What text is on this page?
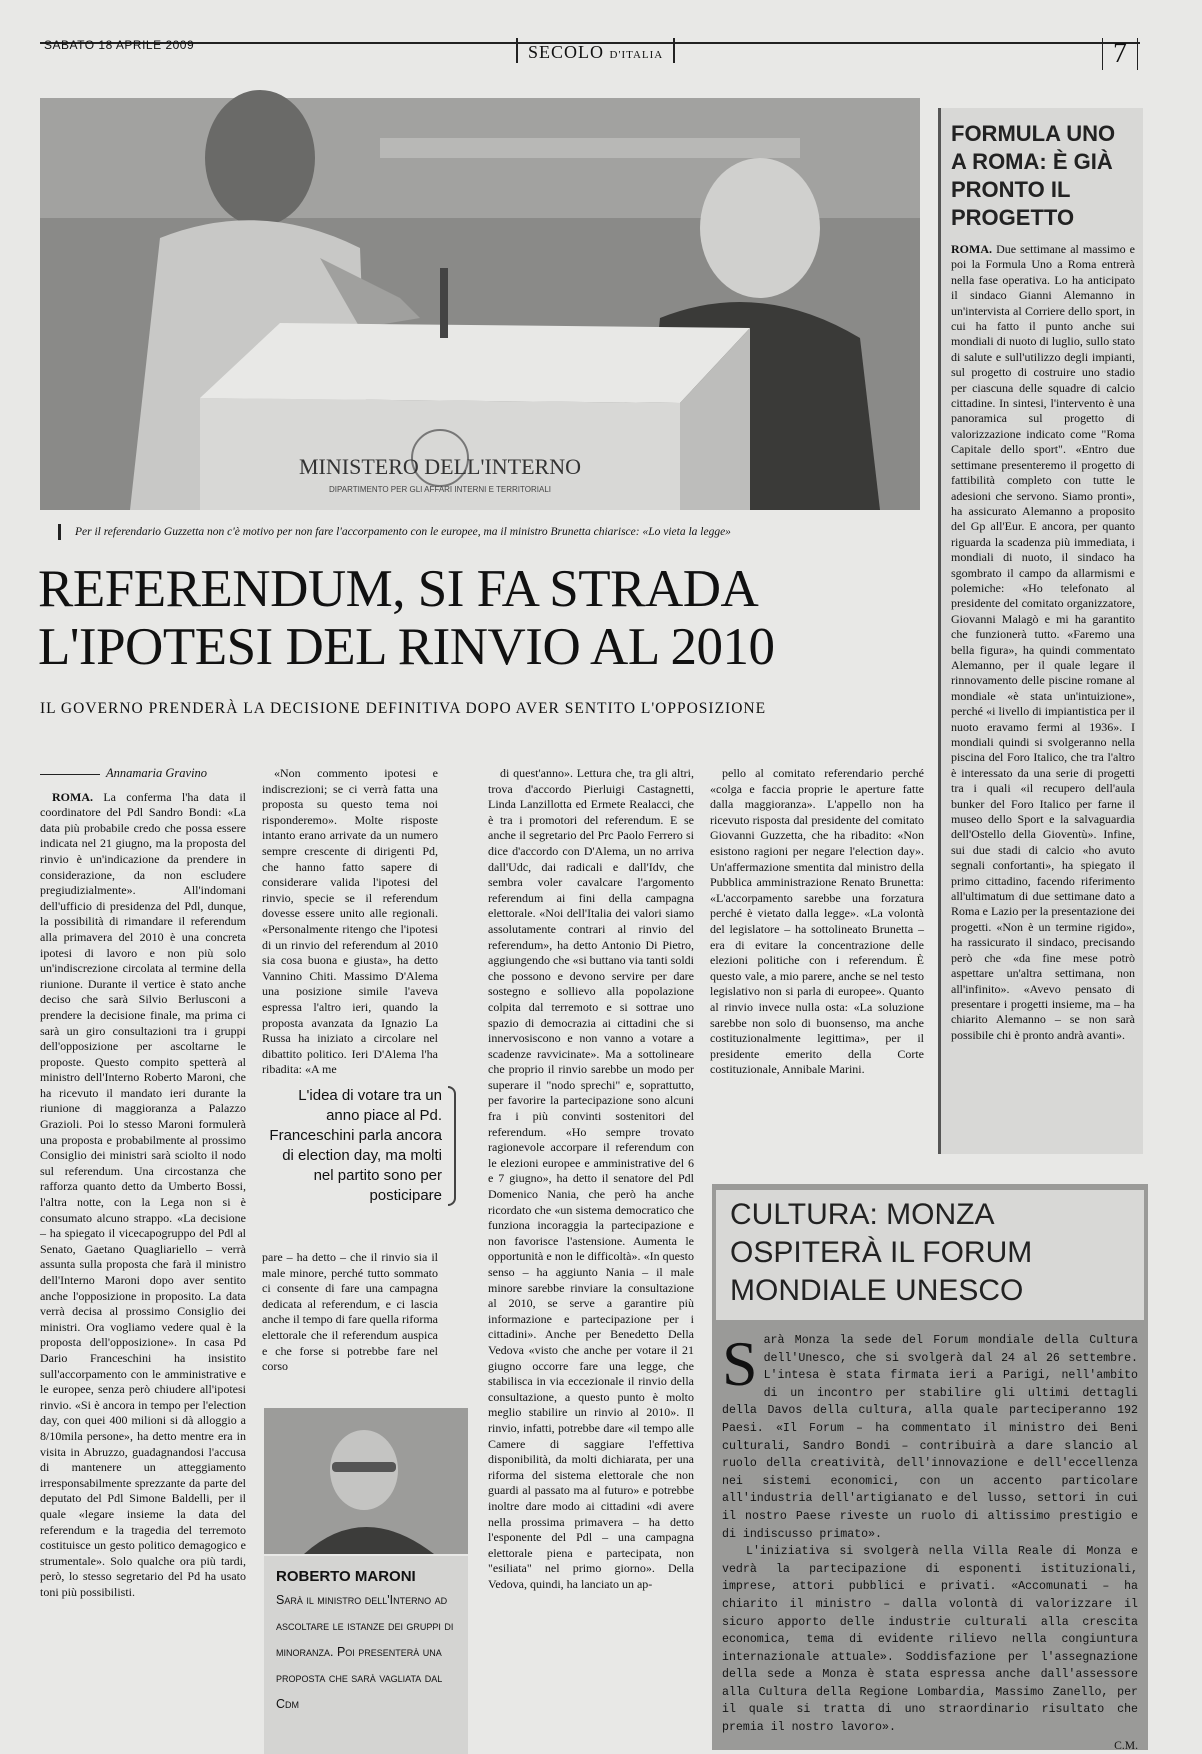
SABATO 18 APRILE 2009	SECOLO D'ITALIA	7
MINISTERO DELL'INTERNO
DIPARTIMENTO PER GLI AFFARI INTERNI E TERRITORIALI
Per il referendario Guzzetta non c'è motivo per non fare l'accorpamento con le europee, ma il ministro Brunetta chiarisce: «Lo vieta la legge»
REFERENDUM, SI FA STRADA
L'IPOTESI DEL RINVIO AL 2010
IL GOVERNO PRENDERÀ LA DECISIONE DEFINITIVA DOPO AVER SENTITO L'OPPOSIZIONE

Annamaria Gravino

ROMA. La conferma l'ha data il coordinatore del Pdl Sandro Bondi: «La data più probabile credo che possa essere indicata nel 21 giugno, ma la proposta del rinvio è un'indicazione da prendere in considerazione, da non escludere pregiudizialmente». All'indomani dell'ufficio di presidenza del Pdl, dunque, la possibilità di rimandare il referendum alla primavera del 2010 è una concreta ipotesi di lavoro e non più solo un'indiscrezione circolata al termine della riunione. Durante il vertice è stato anche deciso che sarà Silvio Berlusconi a prendere la decisione finale, ma prima ci sarà un giro consultazioni tra i gruppi dell'opposizione per ascoltarne le proposte. Questo compito spetterà al ministro dell'Interno Roberto Maroni, che ha ricevuto il mandato ieri durante la riunione di maggioranza a Palazzo Grazioli. Poi lo stesso Maroni formulerà una proposta e probabilmente al prossimo Consiglio dei ministri sarà sciolto il nodo sul referendum. Una circostanza che rafforza quanto detto da Umberto Bossi, l'altra notte, con la Lega non si è consumato alcuno strappo. «La decisione – ha spiegato il vicecapogruppo del Pdl al Senato, Gaetano Quagliariello – verrà assunta sulla proposta che farà il ministro dell'Interno Maroni dopo aver sentito anche l'opposizione in proposito. La data verrà decisa al prossimo Consiglio dei ministri. Ora vogliamo vedere qual è la proposta dell'opposizione». In casa Pd Dario Franceschini ha insistito sull'accorpamento con le amministrative e le europee, senza però chiudere all'ipotesi rinvio. «Si è ancora in tempo per l'election day, con quei 400 milioni si dà alloggio a 8/10mila persone», ha detto mentre era in visita in Abruzzo, guadagnandosi l'accusa di mantenere un atteggiamento irresponsabilmente sprezzante da parte del deputato del Pdl Simone Baldelli, per il quale «legare insieme la data del referendum e la tragedia del terremoto costituisce un gesto politico demagogico e strumentale». Solo qualche ora più tardi, però, lo stesso segretario del Pd ha usato toni più possibilisti.

«Non commento ipotesi e indiscrezioni; se ci verrà fatta una proposta su questo tema noi risponderemo». Molte risposte intanto erano arrivate da un numero sempre crescente di dirigenti Pd, che hanno fatto sapere di considerare valida l'ipotesi del rinvio, specie se il referendum dovesse essere unito alle regionali. «Personalmente ritengo che l'ipotesi di un rinvio del referendum al 2010 sia cosa buona e giusta», ha detto Vannino Chiti. Massimo D'Alema una posizione simile l'aveva espressa l'altro ieri, quando la proposta avanzata da Ignazio La Russa ha iniziato a circolare nel dibattito politico. Ieri D'Alema l'ha ribadita: «A me

L'idea di votare tra un anno piace al Pd. Franceschini parla ancora di election day, ma molti nel partito sono per posticipare
pare – ha detto – che il rinvio sia il male minore, perché tutto sommato ci consente di fare una campagna dedicata al referendum, e ci lascia anche il tempo di fare quella riforma elettorale che il referendum auspica e che forse si potrebbe fare nel corso
ROBERTO MARONI
Sarà il ministro dell'Interno ad ascoltare le istanze dei gruppi di minoranza. Poi presenterà una proposta che sarà vagliata dal Cdm

di quest'anno». Lettura che, tra gli altri, trova d'accordo Pierluigi Castagnetti, Linda Lanzillotta ed Ermete Realacci, che è tra i promotori del referendum. E se anche il segretario del Prc Paolo Ferrero si dice d'accordo con D'Alema, un no arriva dall'Udc, dai radicali e dall'Idv, che sembra voler cavalcare l'argomento referendum ai fini della campagna elettorale. «Noi dell'Italia dei valori siamo assolutamente contrari al rinvio del referendum», ha detto Antonio Di Pietro, aggiungendo che «si buttano via tanti soldi che possono e devono servire per dare sostegno e sollievo alla popolazione colpita dal terremoto e si sottrae uno spazio di democrazia ai cittadini che si innervosiscono e non vanno a votare a scadenze ravvicinate». Ma a sottolineare che proprio il rinvio sarebbe un modo per superare il "nodo sprechi" e, soprattutto, per favorire la partecipazione sono alcuni fra i più convinti sostenitori del referendum. «Ho sempre trovato ragionevole accorpare il referendum con le elezioni europee e amministrative del 6 e 7 giugno», ha detto il senatore del Pdl Domenico Nania, che però ha anche ricordato che «un sistema democratico che funziona incoraggia la partecipazione e non favorisce l'astensione. Aumenta le opportunità e non le difficoltà». «In questo senso – ha aggiunto Nania – il male minore sarebbe rinviare la consultazione al 2010, se serve a garantire più informazione e partecipazione per i cittadini». Anche per Benedetto Della Vedova «visto che anche per votare il 21 giugno occorre fare una legge, che stabilisca in via eccezionale il rinvio della consultazione, a questo punto è molto meglio stabilire un rinvio al 2010». Il rinvio, infatti, potrebbe dare «il tempo alle Camere di saggiare l'effettiva disponibilità, da molti dichiarata, per una riforma del sistema elettorale che non guardi al passato ma al futuro» e potrebbe inoltre dare modo ai cittadini «di avere nella prossima primavera – ha detto l'esponente del Pdl – una campagna elettorale piena e partecipata, non "esiliata" nel primo giorno». Della Vedova, quindi, ha lanciato un ap-

pello al comitato referendario perché «colga e faccia proprie le aperture fatte dalla maggioranza». L'appello non ha ricevuto risposta dal presidente del comitato Giovanni Guzzetta, che ha ribadito: «Non esistono ragioni per negare l'election day». Un'affermazione smentita dal ministro della Pubblica amministrazione Renato Brunetta: «L'accorpamento sarebbe una forzatura perché è vietato dalla legge». «La volontà del legislatore – ha sottolineato Brunetta – era di evitare la concentrazione delle elezioni politiche con i referendum. È questo vale, a mio parere, anche se nel testo legislativo non si parla di europee». Quanto al rinvio invece nulla osta: «La soluzione sarebbe non solo di buonsenso, ma anche costituzionalmente legittima», per il presidente emerito della Corte costituzionale, Annibale Marini.

FORMULA UNO A ROMA: È GIÀ PRONTO IL PROGETTO
ROMA. Due settimane al massimo e poi la Formula Uno a Roma entrerà nella fase operativa. Lo ha anticipato il sindaco Gianni Alemanno in un'intervista al Corriere dello sport, in cui ha fatto il punto anche sui mondiali di nuoto di luglio, sullo stato di salute e sull'utilizzo degli impianti, sul progetto di costruire uno stadio per ciascuna delle squadre di calcio cittadine. In sintesi, l'intervento è una panoramica sul progetto di valorizzazione indicato come "Roma Capitale dello sport". «Entro due settimane presenteremo il progetto di fattibilità completo con tutte le adesioni che servono. Siamo pronti», ha assicurato Alemanno a proposito del Gp all'Eur. E ancora, per quanto riguarda la scadenza più immediata, i mondiali di nuoto, il sindaco ha sgombrato il campo da allarmismi e polemiche: «Ho telefonato al presidente del comitato organizzatore, Giovanni Malagò e mi ha garantito che funzionerà tutto. «Faremo una bella figura», ha quindi commentato Alemanno, per il quale legare il rinnovamento delle piscine romane al mondiale «è stata un'intuizione», perché «i livello di impiantistica per il nuoto eravamo fermi al 1936». I mondiali quindi si svolgeranno nella piscina del Foro Italico, che tra l'altro è interessato da una serie di progetti tra i quali «il recupero dell'aula bunker del Foro Italico per farne il museo dello Sport e la salvaguardia dell'Ostello della Gioventù». Infine, sui due stadi di calcio «ho avuto segnali confortanti», ha spiegato il primo cittadino, facendo riferimento all'ultimatum di due settimane dato a Roma e Lazio per la presentazione dei progetti. «Non è un termine rigido», ha rassicurato il sindaco, precisando però che «da fine mese potrò aspettare un'altra settimana, non all'infinito». «Avevo pensato di presentare i progetti insieme, ma – ha chiarito Alemanno – se non sarà possibile chi è pronto andrà avanti».
CULTURA: MONZA OSPITERÀ IL FORUM MONDIALE UNESCO
S arà Monza la sede del Forum mondiale della Cultura dell'Unesco, che si svolgerà dal 24 al 26 settembre. L'intesa è stata firmata ieri a Parigi, nell'ambito di un incontro per stabilire gli ultimi dettagli della Davos della cultura, alla quale parteciperanno 192 Paesi. «Il Forum – ha commentato il ministro dei Beni culturali, Sandro Bondi – contribuirà a dare slancio al ruolo della creatività, dell'innovazione e dell'eccellenza nei sistemi economici, con un accento particolare all'industria dell'artigianato e del lusso, settori in cui il nostro Paese riveste un ruolo di altissimo prestigio e di indiscusso primato».

L'iniziativa si svolgerà nella Villa Reale di Monza e vedrà la partecipazione di esponenti istituzionali, imprese, attori pubblici e privati. «Accomunati – ha chiarito il ministro – dalla volontà di valorizzare il sicuro apporto delle industrie culturali alla crescita economica, tema di evidente rilievo nella congiuntura internazionale attuale». Soddisfazione per l'assegnazione della sede a Monza è stata espressa anche dall'assessore alla Cultura della Regione Lombardia, Massimo Zanello, per il quale si tratta di uno straordinario risultato che premia il nostro lavoro».

C.M.
